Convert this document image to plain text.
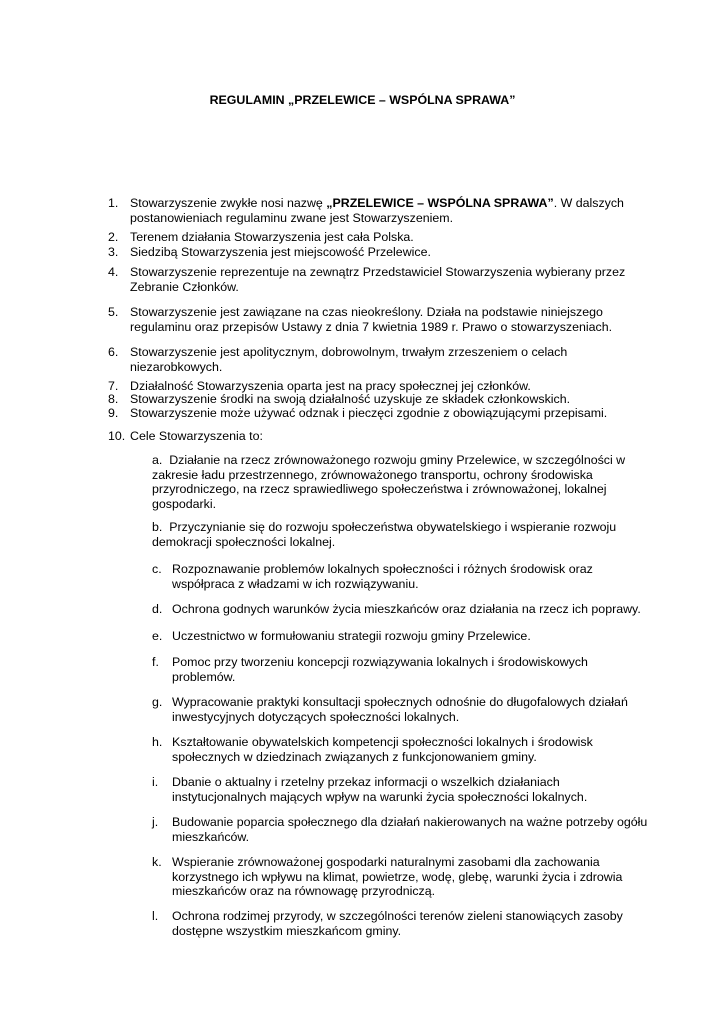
REGULAMIN „PRZELEWICE – WSPÓLNA SPRAWA”
1. Stowarzyszenie zwykłe nosi nazwę „PRZELEWICE – WSPÓLNA SPRAWA”. W dalszych postanowieniach regulaminu zwane jest Stowarzyszeniem.
2. Terenem działania Stowarzyszenia jest cała Polska.
3. Siedzibą Stowarzyszenia jest miejscowość Przelewice.
4. Stowarzyszenie reprezentuje na zewnątrz Przedstawiciel Stowarzyszenia wybierany przez Zebranie Członków.
5. Stowarzyszenie jest zawiązane na czas nieokreślony. Działa na podstawie niniejszego regulaminu oraz przepisów Ustawy z dnia 7 kwietnia 1989 r. Prawo o stowarzyszeniach.
6. Stowarzyszenie jest apolitycznym, dobrowolnym, trwałym zrzeszeniem o celach niezarobkowych.
7. Działalność Stowarzyszenia oparta jest na pracy społecznej jej członków.
8. Stowarzyszenie środki na swoją działalność uzyskuje ze składek członkowskich.
9. Stowarzyszenie może używać odznak i pieczęci zgodnie z obowiązującymi przepisami.
10. Cele Stowarzyszenia to:
a. Działanie na rzecz zrównoważonego rozwoju gminy Przelewice, w szczególności w zakresie ładu przestrzennego, zrównoważonego transportu, ochrony środowiska przyrodniczego, na rzecz sprawiedliwego społeczeństwa i zrównoważonej, lokalnej gospodarki.
b. Przyczynianie się do rozwoju społeczeństwa obywatelskiego i wspieranie rozwoju demokracji społeczności lokalnej.
c. Rozpoznawanie problemów lokalnych społeczności i różnych środowisk oraz współpraca z władzami w ich rozwiązywaniu.
d. Ochrona godnych warunków życia mieszkańców oraz działania na rzecz ich poprawy.
e. Uczestnictwo w formułowaniu strategii rozwoju gminy Przelewice.
f. Pomoc przy tworzeniu koncepcji rozwiązywania lokalnych i środowiskowych problemów.
g. Wypracowanie praktyki konsultacji społecznych odnośnie do długofalowych działań inwestycyjnych dotyczących społeczności lokalnych.
h. Kształtowanie obywatelskich kompetencji społeczności lokalnych i środowisk społecznych w dziedzinach związanych z funkcjonowaniem gminy.
i. Dbanie o aktualny i rzetelny przekaz informacji o wszelkich działaniach instytucjonalnych mających wpływ na warunki życia społeczności lokalnych.
j. Budowanie poparcia społecznego dla działań nakierowanych na ważne potrzeby ogółu mieszkańców.
k. Wspieranie zrównoważonej gospodarki naturalnymi zasobami dla zachowania korzystnego ich wpływu na klimat, powietrze, wodę, glebę, warunki życia i zdrowia mieszkańców oraz na równowagę przyrodniczą.
l. Ochrona rodzimej przyrody, w szczególności terenów zieleni stanowiących zasoby dostępne wszystkim mieszkańcom gminy.
